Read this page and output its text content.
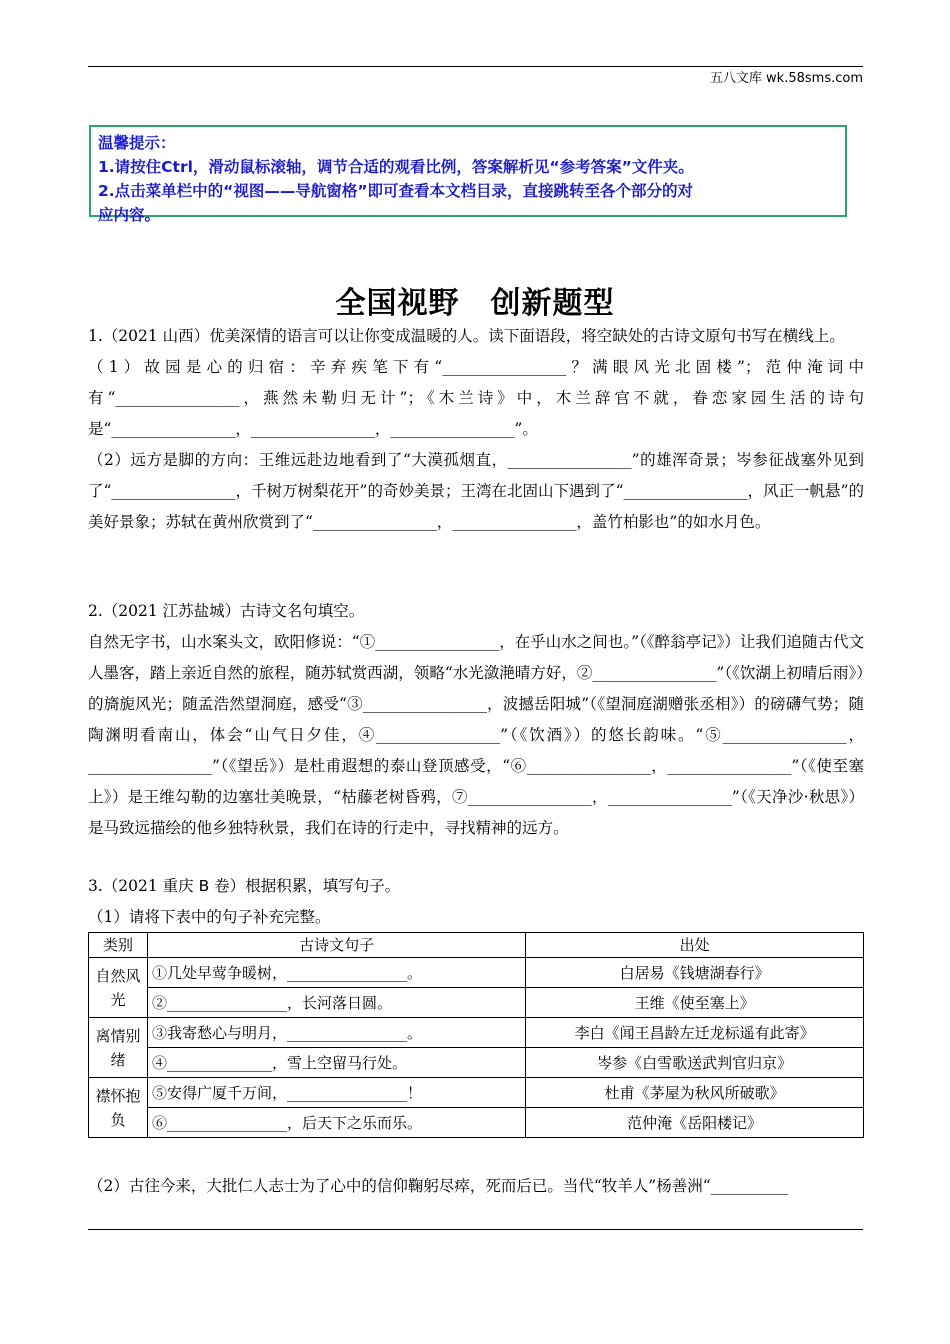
五八文库 wk.58sms.com
温馨提示：
1.请按住Ctrl，滑动鼠标滚轴，调节合适的观看比例，答案解析见“参考答案”文件夹。
2.点击菜单栏中的“视图——导航窗格”即可查看本文档目录，直接跳转至各个部分的对
应内容。
全国视野　创新题型

1.（2021 山西）优美深情的语言可以让你变成温暖的人。读下面语段，将空缺处的古诗文原句书写在横线上。

（1）故园是心的归宿：辛弃疾笔下有“________________？满眼风光北固楼”；范仲淹词中有“________________，燕然未勒归无计”；《木兰诗》中，木兰辞官不就，眷恋家园生活的诗句是“________________，________________，________________”。

（2）远方是脚的方向：王维远赴边地看到了“大漠孤烟直，________________”的雄浑奇景；岑参征战塞外见到了“________________，千树万树梨花开”的奇妙美景；王湾在北固山下遇到了“________________，风正一帆悬”的美好景象；苏轼在黄州欣赏到了“________________，________________，盖竹柏影也”的如水月色。

2.（2021 江苏盐城）古诗文名句填空。

自然无字书，山水案头文，欧阳修说：“①________________，在乎山水之间也。”（《醉翁亭记》）让我们追随古代文人墨客，踏上亲近自然的旅程，随苏轼赏西湖，领略“水光潋滟晴方好，②________________”（《饮湖上初晴后雨》）的旖旎风光；随孟浩然望洞庭，感受“③________________，波撼岳阳城”（《望洞庭湖赠张丞相》）的磅礴气势；随陶渊明看南山，体会“山气日夕佳，④________________”（《饮酒》）的悠长韵味。“⑤________________，________________”（《望岳》）是杜甫遐想的泰山登顶感受，“⑥________________，________________”（《使至塞上》）是王维勾勒的边塞壮美晚景，“枯藤老树昏鸦，⑦________________，________________”（《天净沙·秋思》）是马致远描绘的他乡独特秋景，我们在诗的行走中，寻找精神的远方。

3.（2021 重庆 B 卷）根据积累，填写句子。

（1）请将下表中的句子补充完整。

类别	古诗文句子	出处
自然风光	①几处早莺争暖树，________________。	白居易《钱塘湖春行》
	②________________，长河落日圆。	王维《使至塞上》
离情别绪	③我寄愁心与明月，________________。	李白《闻王昌龄左迁龙标遥有此寄》
	④______________，雪上空留马行处。	岑参《白雪歌送武判官归京》
襟怀抱负	⑤安得广厦千万间，________________！	杜甫《茅屋为秋风所破歌》
	⑥________________，后天下之乐而乐。	范仲淹《岳阳楼记》

（2）古往今来，大批仁人志士为了心中的信仰鞠躬尽瘁，死而后已。当代“牧羊人”杨善洲“__________
